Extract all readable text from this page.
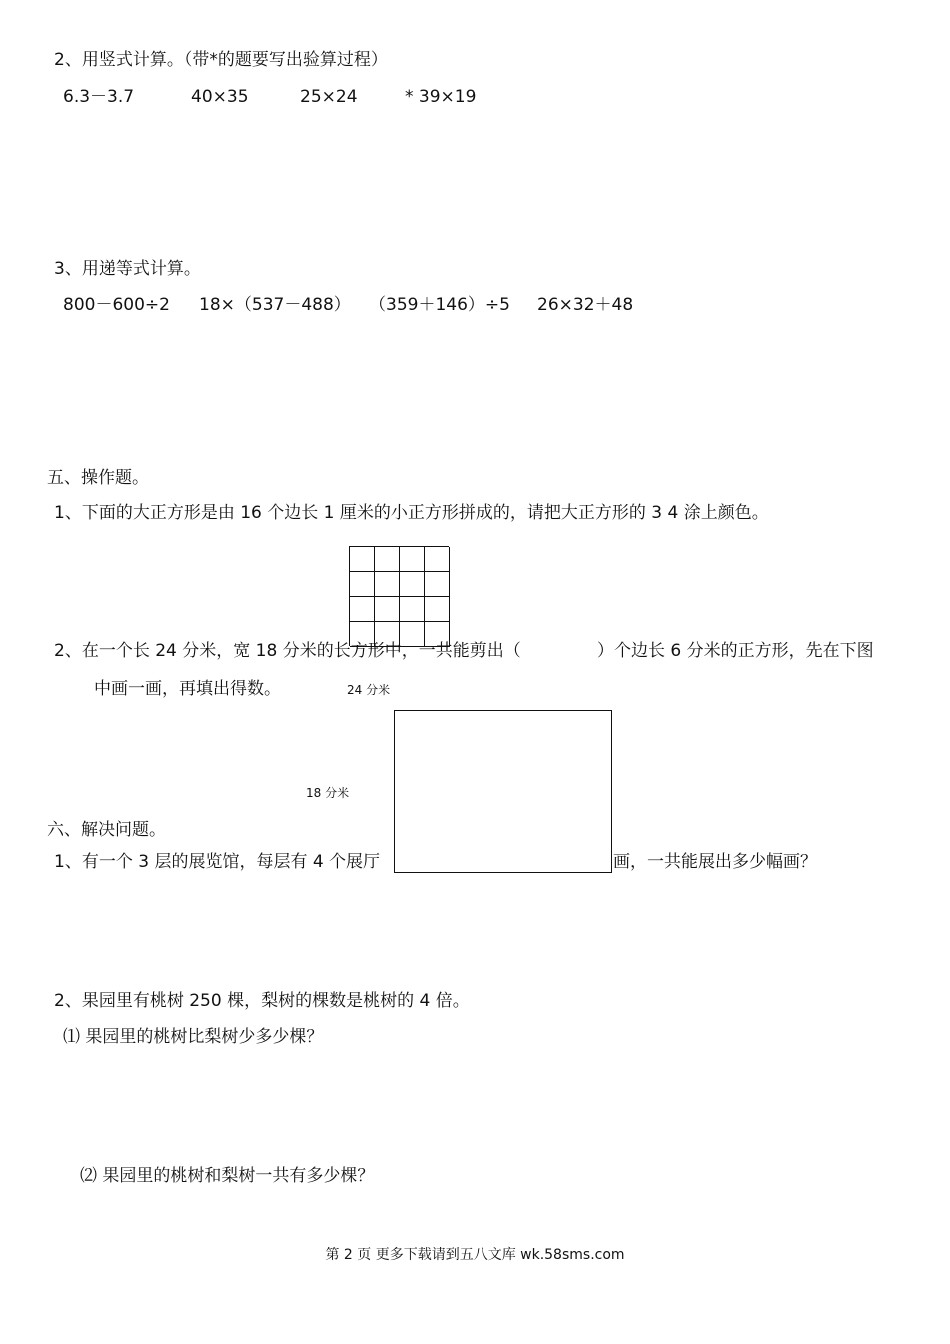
2、用竖式计算。（带*的题要写出验算过程）
6.3－3.7	40×35	25×24	* 39×19
3、用递等式计算。
800－600÷2 18×（537－488） （359＋146）÷5 26×32＋48
五、操作题。
1、下面的大正方形是由 16 个边长 1 厘米的小正方形拼成的，请把大正方形的 3 4 涂上颜色。
2、在一个长 24 分米，宽 18 分米的长方形中，一共能剪出（	）个边长 6 分米的正方形，先在下图
中画一画，再填出得数。	24 分米
18 分米
六、解决问题。
1、有一个 3 层的展览馆，每层有 4 个展厅	画，一共能展出多少幅画？
2、果园里有桃树 250 棵，梨树的棵数是桃树的 4 倍。
⑴ 果园里的桃树比梨树少多少棵？
⑵ 果园里的桃树和梨树一共有多少棵？
第 2 页 更多下载请到五八文库 wk.58sms.com
